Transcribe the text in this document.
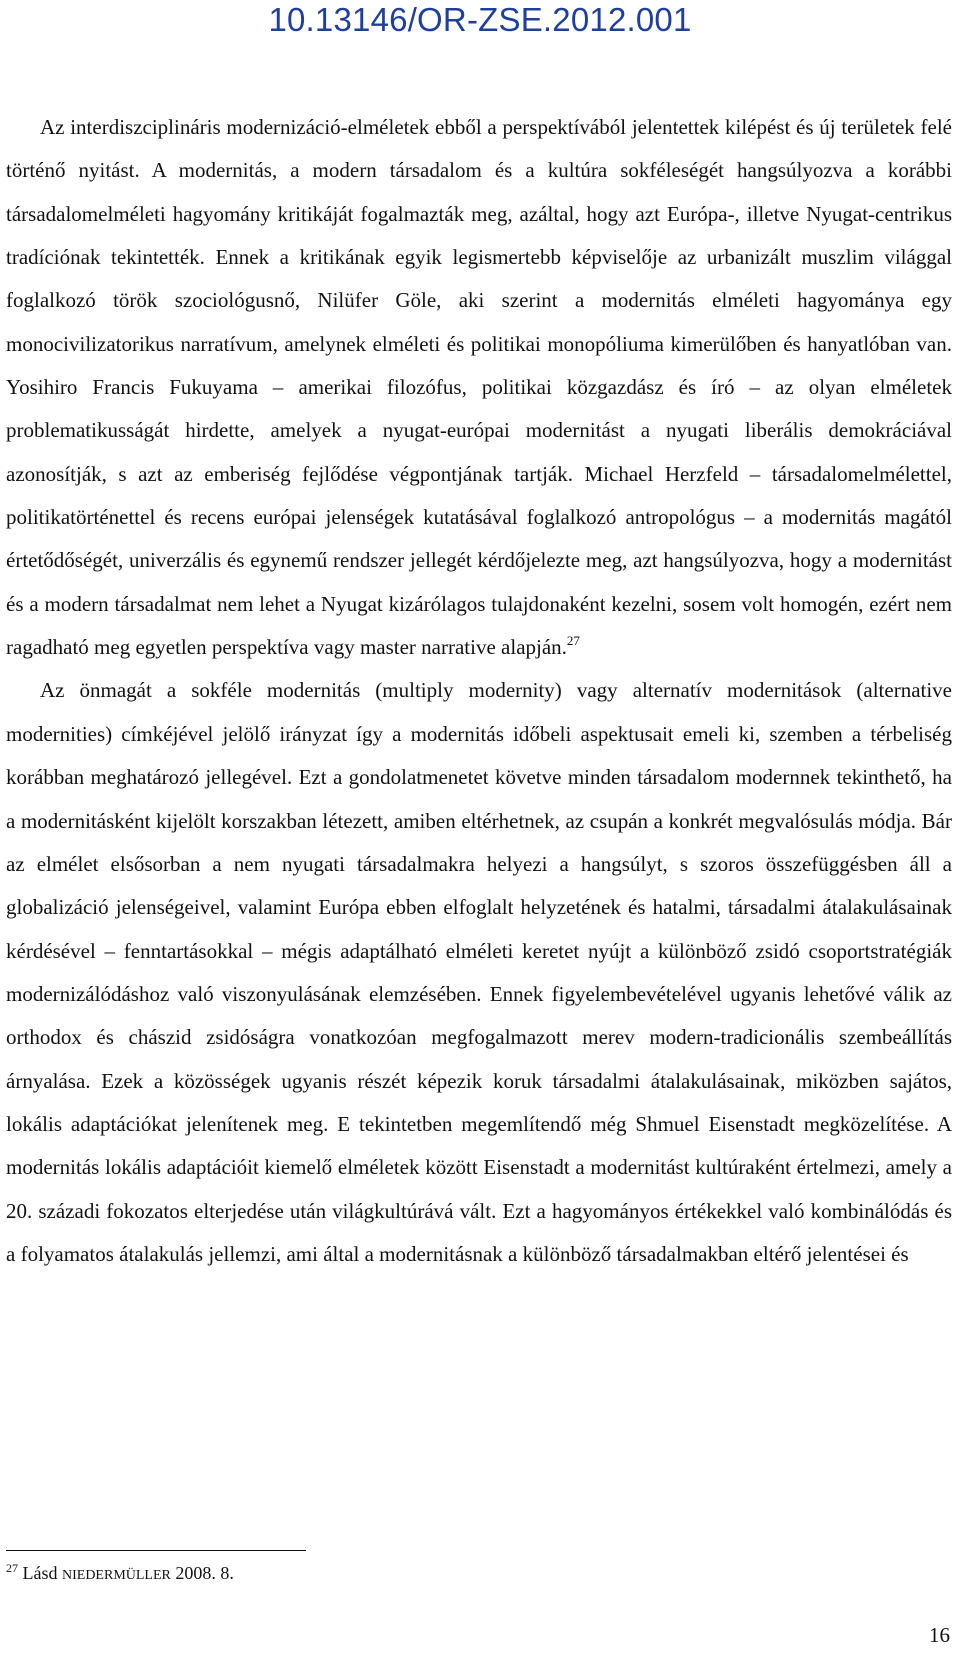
10.13146/OR-ZSE.2012.001

Az interdiszciplináris modernizáció-elméletek ebből a perspektívából jelentettek kilépést és új területek felé történő nyitást. A modernitás, a modern társadalom és a kultúra sokféleségét hangsúlyozva a korábbi társadalomelméleti hagyomány kritikáját fogalmazták meg, azáltal, hogy azt Európa-, illetve Nyugat-centrikus tradíciónak tekintették. Ennek a kritikának egyik legismertebb képviselője az urbanizált muszlim világgal foglalkozó török szociológusnő, Nilüfer Göle, aki szerint a modernitás elméleti hagyománya egy monocivilizatorikus narratívum, amelynek elméleti és politikai monopóliuma kimerülőben és hanyatlóban van. Yosihiro Francis Fukuyama – amerikai filozófus, politikai közgazdász és író – az olyan elméletek problematikusságát hirdette, amelyek a nyugat-európai modernitást a nyugati liberális demokráciával azonosítják, s azt az emberiség fejlődése végpontjának tartják. Michael Herzfeld – társadalomelmélettel, politikatörténettel és recens európai jelenségek kutatásával foglalkozó antropológus – a modernitás magától értetődőségét, univerzális és egynemű rendszer jellegét kérdőjelezte meg, azt hangsúlyozva, hogy a modernitást és a modern társadalmat nem lehet a Nyugat kizárólagos tulajdonaként kezelni, sosem volt homogén, ezért nem ragadható meg egyetlen perspektíva vagy master narrative alapján.$^{27}$

Az önmagát a sokféle modernitás (multiply modernity) vagy alternatív modernitások (alternative modernities) címkéjével jelölő irányzat így a modernitás időbeli aspektusait emeli ki, szemben a térbeliség korábban meghatározó jellegével. Ezt a gondolatmenetet követve minden társadalom modernnek tekinthető, ha a modernitásként kijelölt korszakban létezett, amiben eltérhetnek, az csupán a konkrét megvalósulás módja. Bár az elmélet elsősorban a nem nyugati társadalmakra helyezi a hangsúlyt, s szoros összefüggésben áll a globalizáció jelenségeivel, valamint Európa ebben elfoglalt helyzetének és hatalmi, társadalmi átalakulásainak kérdésével – fenntartásokkal – mégis adaptálható elméleti keretet nyújt a különböző zsidó csoportstratégiák modernizálódáshoz való viszonyulásának elemzésében. Ennek figyelembevételével ugyanis lehetővé válik az orthodox és chászid zsidóságra vonatkozóan megfogalmazott merev modern-tradicionális szembeállítás árnyalása. Ezek a közösségek ugyanis részét képezik koruk társadalmi átalakulásainak, miközben sajátos, lokális adaptációkat jelenítenek meg. E tekintetben megemlítendő még Shmuel Eisenstadt megközelítése. A modernitás lokális adaptációit kiemelő elméletek között Eisenstadt a modernitást kultúraként értelmezi, amely a 20. századi fokozatos elterjedése után világkultúrává vált. Ezt a hagyományos értékekkel való kombinálódás és a folyamatos átalakulás jellemzi, ami által a modernitásnak a különböző társadalmakban eltérő jelentései és

$^{27}$ Lásd NIEDERMÜLLER 2008. 8.
16
